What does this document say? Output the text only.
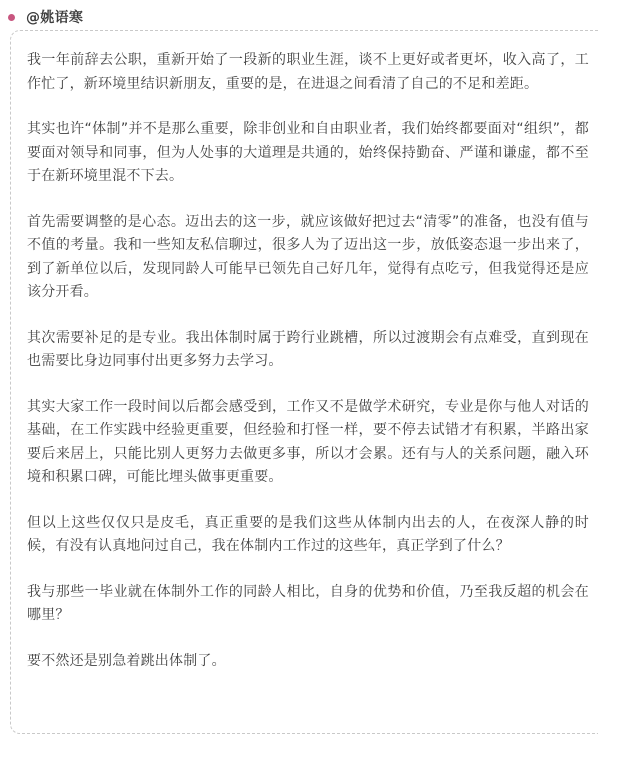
@姚语寒

我一年前辞去公职，重新开始了一段新的职业生涯，谈不上更好或者更坏，收入高了，工作忙了，新环境里结识新朋友，重要的是，在进退之间看清了自己的不足和差距。

其实也许“体制”并不是那么重要，除非创业和自由职业者，我们始终都要面对“组织”，都要面对领导和同事，但为人处事的大道理是共通的，始终保持勤奋、严谨和谦虚，都不至于在新环境里混不下去。

首先需要调整的是心态。迈出去的这一步，就应该做好把过去“清零”的准备，也没有值与不值的考量。我和一些知友私信聊过，很多人为了迈出这一步，放低姿态退一步出来了，到了新单位以后，发现同龄人可能早已领先自己好几年，觉得有点吃亏，但我觉得还是应该分开看。

其次需要补足的是专业。我出体制时属于跨行业跳槽，所以过渡期会有点难受，直到现在也需要比身边同事付出更多努力去学习。

其实大家工作一段时间以后都会感受到，工作又不是做学术研究，专业是你与他人对话的基础，在工作实践中经验更重要，但经验和打怪一样，要不停去试错才有积累，半路出家要后来居上，只能比别人更努力去做更多事，所以才会累。还有与人的关系问题，融入环境和积累口碑，可能比埋头做事更重要。

但以上这些仅仅只是皮毛，真正重要的是我们这些从体制内出去的人，在夜深人静的时候，有没有认真地问过自己，我在体制内工作过的这些年，真正学到了什么？

我与那些一毕业就在体制外工作的同龄人相比，自身的优势和价值，乃至我反超的机会在哪里？

要不然还是别急着跳出体制了。
